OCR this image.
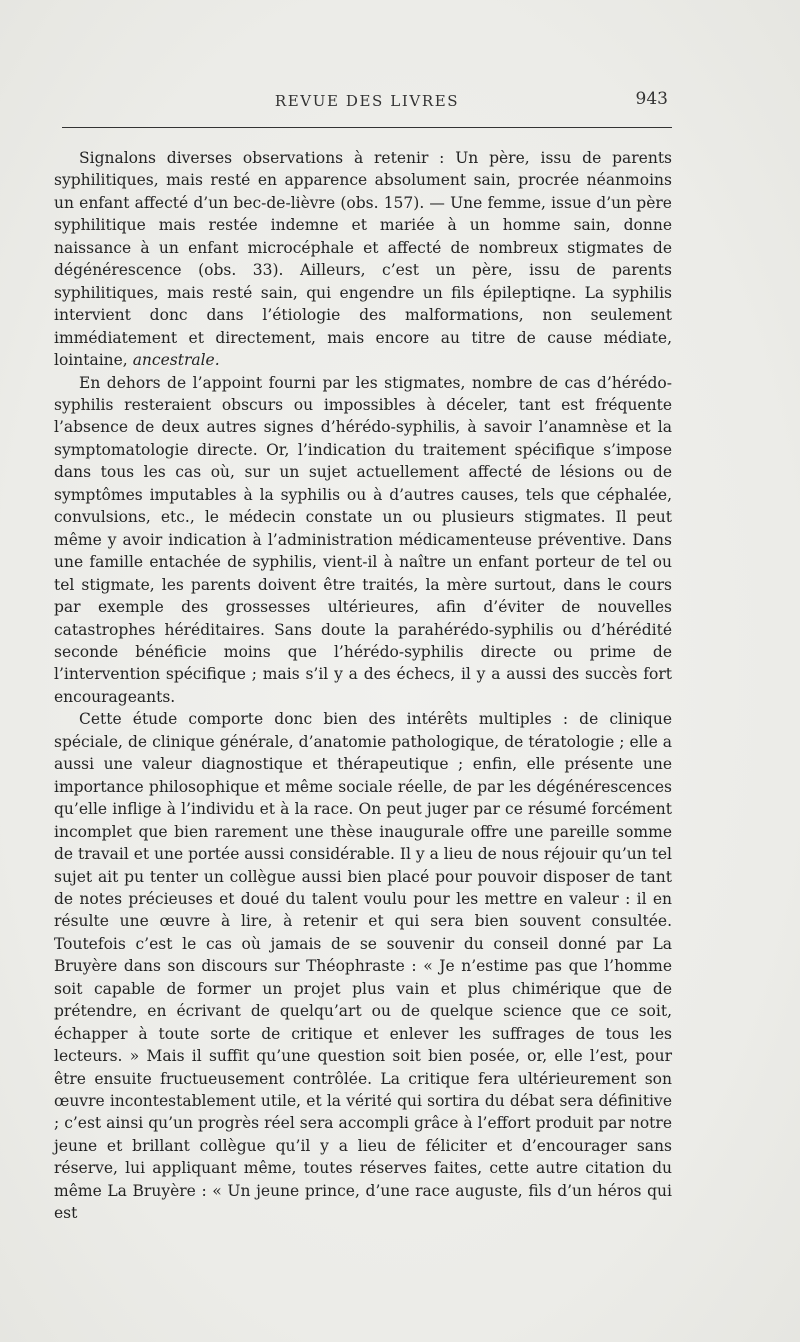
REVUE DES LIVRES	943

Signalons diverses observations à retenir : Un père, issu de parents syphilitiques, mais resté en apparence absolument sain, procrée néanmoins un enfant affecté d’un bec-de-lièvre (obs. 157). — Une femme, issue d’un père syphilitique mais restée indemne et mariée à un homme sain, donne naissance à un enfant microcéphale et affecté de nombreux stigmates de dégénérescence (obs. 33). Ailleurs, c’est un père, issu de parents syphilitiques, mais resté sain, qui engendre un fils épileptiqne. La syphilis intervient donc dans l’étiologie des malformations, non seulement immédiatement et directement, mais encore au titre de cause médiate, lointaine, ancestrale.

En dehors de l’appoint fourni par les stigmates, nombre de cas d’hérédo-syphilis resteraient obscurs ou impossibles à déceler, tant est fréquente l’absence de deux autres signes d’hérédo-syphilis, à savoir l’anamnèse et la symptomatologie directe. Or, l’indication du traitement spécifique s’impose dans tous les cas où, sur un sujet actuellement affecté de lésions ou de symptômes imputables à la syphilis ou à d’autres causes, tels que céphalée, convulsions, etc., le médecin constate un ou plusieurs stigmates. Il peut même y avoir indication à l’administration médicamenteuse préventive. Dans une famille entachée de syphilis, vient-il à naître un enfant porteur de tel ou tel stigmate, les parents doivent être traités, la mère surtout, dans le cours par exemple des grossesses ultérieures, afin d’éviter de nouvelles catastrophes héréditaires. Sans doute la parahérédo-syphilis ou d’hérédité seconde bénéficie moins que l’hérédo-syphilis directe ou prime de l’intervention spécifique ; mais s’il y a des échecs, il y a aussi des succès fort encourageants.

Cette étude comporte donc bien des intérêts multiples : de clinique spéciale, de clinique générale, d’anatomie pathologique, de tératologie ; elle a aussi une valeur diagnostique et thérapeutique ; enfin, elle présente une importance philosophique et même sociale réelle, de par les dégénérescences qu’elle inflige à l’individu et à la race. On peut juger par ce résumé forcément incomplet que bien rarement une thèse inaugurale offre une pareille somme de travail et une portée aussi considérable. Il y a lieu de nous réjouir qu’un tel sujet ait pu tenter un collègue aussi bien placé pour pouvoir disposer de tant de notes précieuses et doué du talent voulu pour les mettre en valeur : il en résulte une œuvre à lire, à retenir et qui sera bien souvent consultée. Toutefois c’est le cas où jamais de se souvenir du conseil donné par La Bruyère dans son discours sur Théophraste : « Je n’estime pas que l’homme soit capable de former un projet plus vain et plus chimérique que de prétendre, en écrivant de quelqu’art ou de quelque science que ce soit, échapper à toute sorte de critique et enlever les suffrages de tous les lecteurs. » Mais il suffit qu’une question soit bien posée, or, elle l’est, pour être ensuite fructueusement contrôlée. La critique fera ultérieurement son œuvre incontestablement utile, et la vérité qui sortira du débat sera définitive ; c’est ainsi qu’un progrès réel sera accompli grâce à l’effort produit par notre jeune et brillant collègue qu’il y a lieu de féliciter et d’encourager sans réserve, lui appliquant même, toutes réserves faites, cette autre citation du même La Bruyère : « Un jeune prince, d’une race auguste, fils d’un héros qui est
